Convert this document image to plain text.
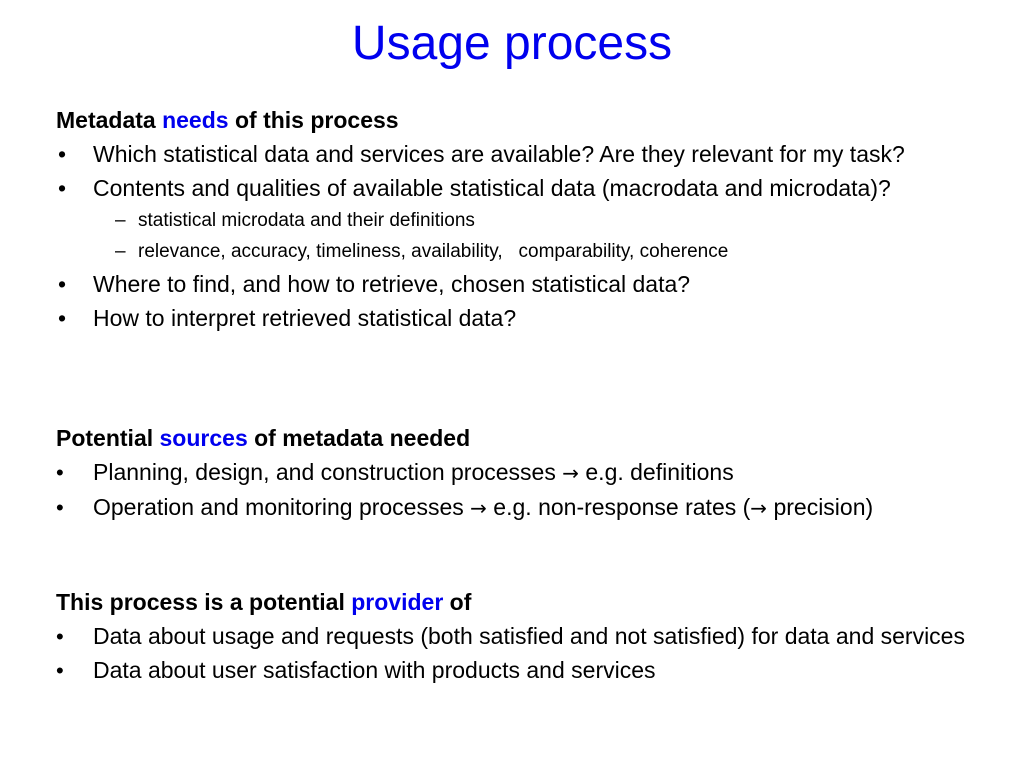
Usage process

Metadata needs of this process

• Which statistical data and services are available? Are they relevant for my task?
• Contents and qualities of available statistical data (macrodata and microdata)?
– statistical microdata and their definitions
– relevance, accuracy, timeliness, availability,   comparability, coherence
• Where to find, and how to retrieve, chosen statistical data?
• How to interpret retrieved statistical data?

Potential sources of metadata needed

• Planning, design, and construction processes → e.g. definitions
• Operation and monitoring processes → e.g. non-response rates (→ precision)

This process is a potential provider of

• Data about usage and requests (both satisfied and not satisfied) for data and services
• Data about user satisfaction with products and services
